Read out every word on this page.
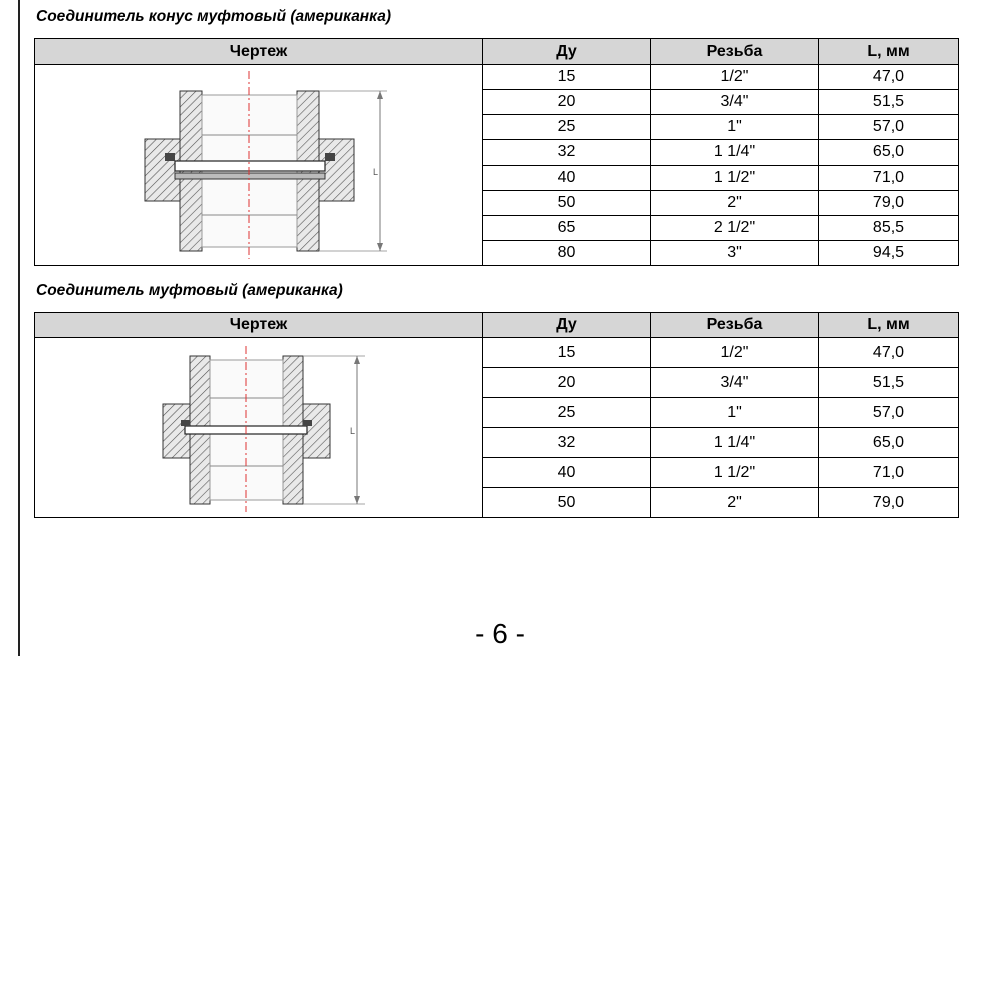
Соединитель конус муфтовый (американка)
Чертеж	Ду	Резьба	L, мм

L	15	1/2"	47,0
	20	3/4"	51,5
	25	1"	57,0
	32	1 1/4"	65,0
	40	1 1/2"	71,0
	50	2"	79,0
	65	2 1/2"	85,5
	80	3"	94,5
Соединитель муфтовый (американка)
Чертеж	Ду	Резьба	L, мм

L	15	1/2"	47,0
	20	3/4"	51,5
	25	1"	57,0
	32	1 1/4"	65,0
	40	1 1/2"	71,0
	50	2"	79,0
- 6 -
